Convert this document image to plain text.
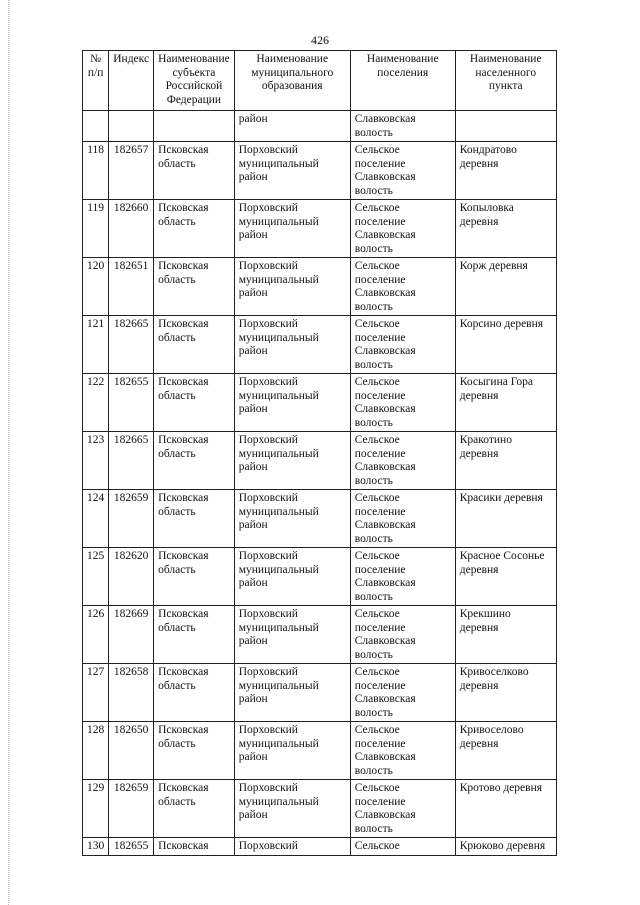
426
№ п/п	Индекс	Наименование субъекта Российской Федерации	Наименование муниципального образования	Наименование поселения	Наименование населенного пункта
			район	Славковская волость	
118	182657	Псковская область	Порховский муниципальный район	Сельское поселение Славковская волость	Кондратово деревня
119	182660	Псковская область	Порховский муниципальный район	Сельское поселение Славковская волость	Копыловка деревня
120	182651	Псковская область	Порховский муниципальный район	Сельское поселение Славковская волость	Корж деревня
121	182665	Псковская область	Порховский муниципальный район	Сельское поселение Славковская волость	Корсино деревня
122	182655	Псковская область	Порховский муниципальный район	Сельское поселение Славковская волость	Косыгина Гора деревня
123	182665	Псковская область	Порховский муниципальный район	Сельское поселение Славковская волость	Кракотино деревня
124	182659	Псковская область	Порховский муниципальный район	Сельское поселение Славковская волость	Красики деревня
125	182620	Псковская область	Порховский муниципальный район	Сельское поселение Славковская волость	Красное Сосонье деревня
126	182669	Псковская область	Порховский муниципальный район	Сельское поселение Славковская волость	Крекшино деревня
127	182658	Псковская область	Порховский муниципальный район	Сельское поселение Славковская волость	Кривоселково деревня
128	182650	Псковская область	Порховский муниципальный район	Сельское поселение Славковская волость	Кривоселово деревня
129	182659	Псковская область	Порховский муниципальный район	Сельское поселение Славковская волость	Кротово деревня
130	182655	Псковская	Порховский	Сельское	Крюково деревня
